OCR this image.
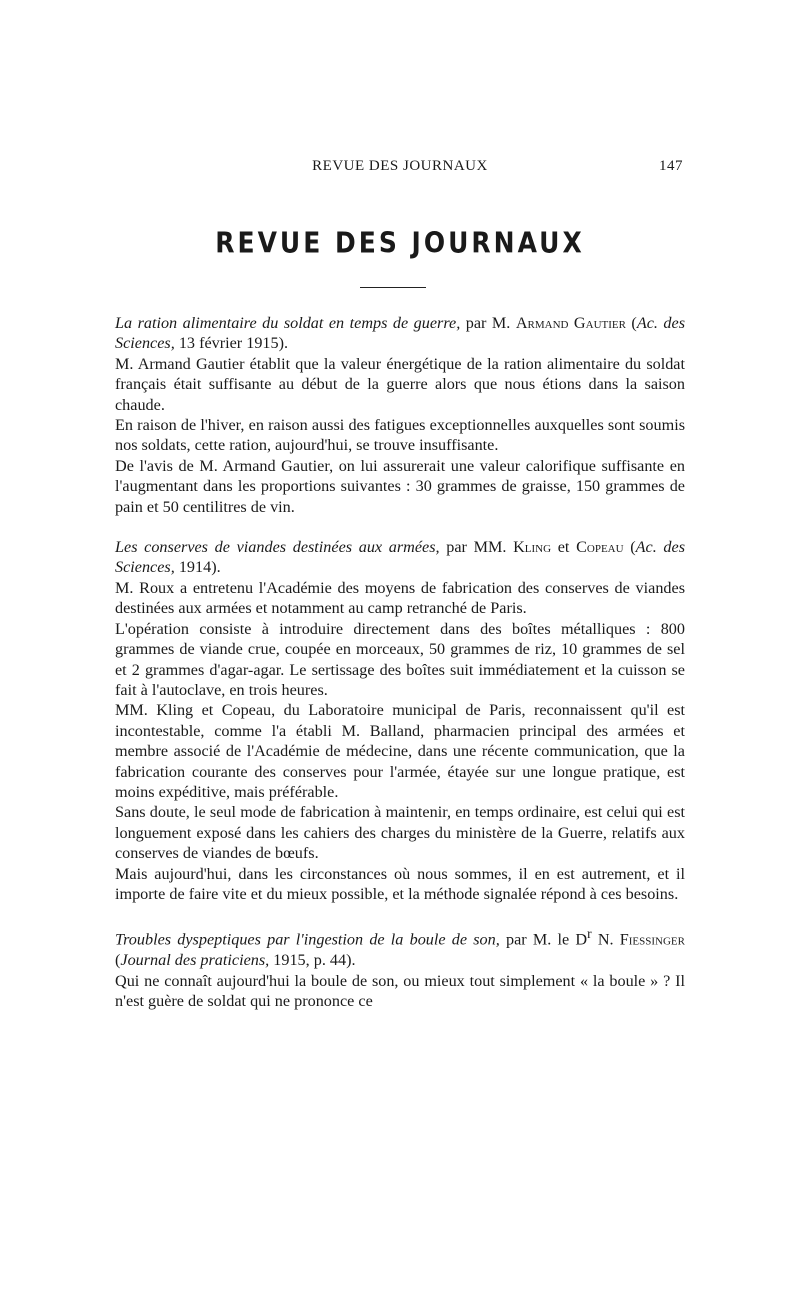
REVUE DES JOURNAUX	147
REVUE DES JOURNAUX

La ration alimentaire du soldat en temps de guerre, par M. Armand Gautier (Ac. des Sciences, 13 février 1915).

M. Armand Gautier établit que la valeur énergétique de la ration alimentaire du soldat français était suffisante au début de la guerre alors que nous étions dans la saison chaude.

En raison de l'hiver, en raison aussi des fatigues exceptionnelles auxquelles sont soumis nos soldats, cette ration, aujourd'hui, se trouve insuffisante.

De l'avis de M. Armand Gautier, on lui assurerait une valeur calorifique suffisante en l'augmentant dans les proportions suivantes : 30 grammes de graisse, 150 grammes de pain et 50 centilitres de vin.

Les conserves de viandes destinées aux armées, par MM. Kling et Copeau (Ac. des Sciences, 1914).

M. Roux a entretenu l'Académie des moyens de fabrication des conserves de viandes destinées aux armées et notamment au camp retranché de Paris.

L'opération consiste à introduire directement dans des boîtes métalliques : 800 grammes de viande crue, coupée en morceaux, 50 grammes de riz, 10 grammes de sel et 2 grammes d'agar-agar. Le sertissage des boîtes suit immédiatement et la cuisson se fait à l'autoclave, en trois heures.

MM. Kling et Copeau, du Laboratoire municipal de Paris, reconnaissent qu'il est incontestable, comme l'a établi M. Balland, pharmacien principal des armées et membre associé de l'Académie de médecine, dans une récente communication, que la fabrication courante des conserves pour l'armée, étayée sur une longue pratique, est moins expéditive, mais préférable.

Sans doute, le seul mode de fabrication à maintenir, en temps ordinaire, est celui qui est longuement exposé dans les cahiers des charges du ministère de la Guerre, relatifs aux conserves de viandes de bœufs.

Mais aujourd'hui, dans les circonstances où nous sommes, il en est autrement, et il importe de faire vite et du mieux possible, et la méthode signalée répond à ces besoins.

Troubles dyspeptiques par l'ingestion de la boule de son, par M. le $D^r$ N. Fiessinger (Journal des praticiens, 1915, p. 44).

Qui ne connaît aujourd'hui la boule de son, ou mieux tout simplement « la boule » ? Il n'est guère de soldat qui ne prononce ce
